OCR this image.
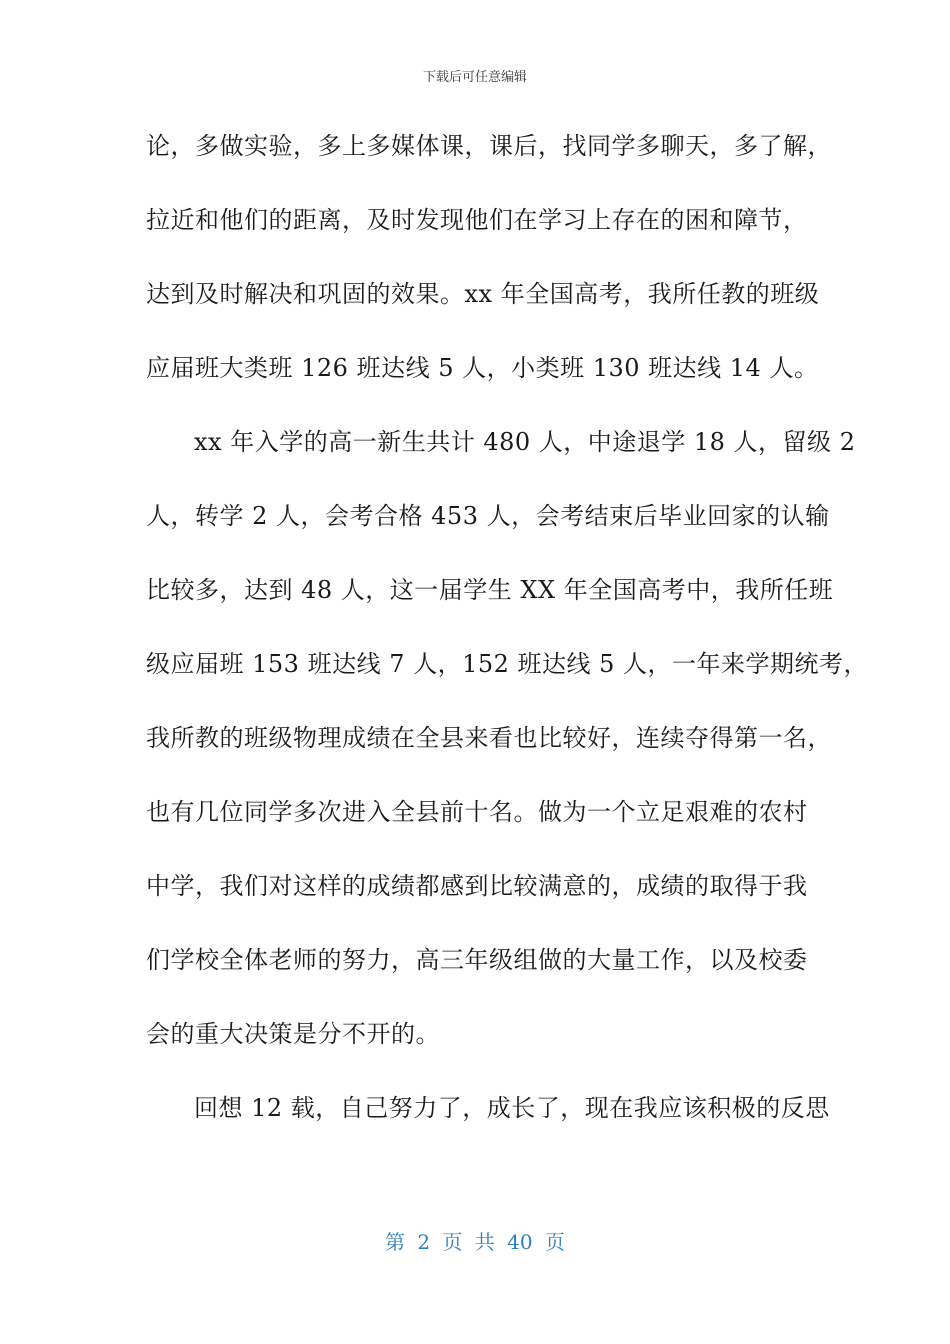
下载后可任意编辑
论，多做实验，多上多媒体课，课后，找同学多聊天，多了解，
拉近和他们的距离，及时发现他们在学习上存在的困和障节，
达到及时解决和巩固的效果。xx 年全国高考，我所任教的班级
应届班大类班 126 班达线 5 人，小类班 130 班达线 14 人。
xx 年入学的高一新生共计 480 人，中途退学 18 人，留级 2
人，转学 2 人，会考合格 453 人，会考结束后毕业回家的认输
比较多，达到 48 人，这一届学生 XX 年全国高考中，我所任班
级应届班 153 班达线 7 人，152 班达线 5 人，一年来学期统考，
我所教的班级物理成绩在全县来看也比较好，连续夺得第一名，
也有几位同学多次进入全县前十名。做为一个立足艰难的农村
中学，我们对这样的成绩都感到比较满意的，成绩的取得于我
们学校全体老师的努力，高三年级组做的大量工作，以及校委
会的重大决策是分不开的。
回想 12 载，自己努力了，成长了，现在我应该积极的反思
第 2 页 共 40 页
